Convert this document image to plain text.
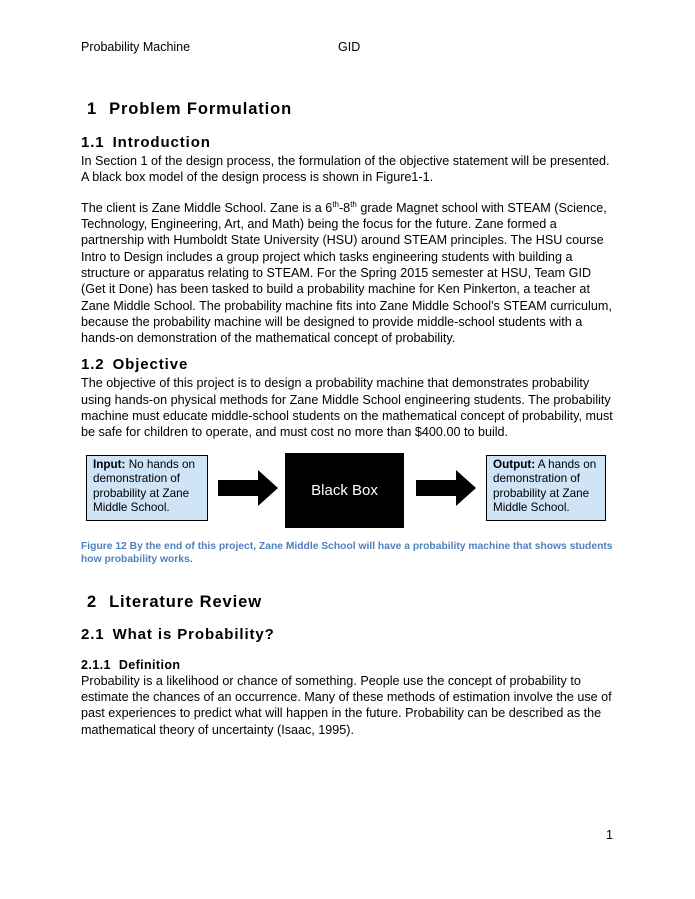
Probability Machine	GID
1 Problem Formulation
1.1 Introduction

In Section 1 of the design process, the formulation of the objective statement will be presented. A black box model of the design process is shown in Figure1-1.

The client is Zane Middle School. Zane is a 6th-8th grade Magnet school with STEAM (Science, Technology, Engineering, Art, and Math) being the focus for the future. Zane formed a partnership with Humboldt State University (HSU) around STEAM principles. The HSU course Intro to Design includes a group project which tasks engineering students with building a structure or apparatus relating to STEAM. For the Spring 2015 semester at HSU, Team GID (Get it Done) has been tasked to build a probability machine for Ken Pinkerton, a teacher at Zane Middle School. The probability machine fits into Zane Middle School’s STEAM curriculum, because the probability machine will be designed to provide middle-school students with a hands-on demonstration of the mathematical concept of probability.

1.2 Objective

The objective of this project is to design a probability machine that demonstrates probability using hands-on physical methods for Zane Middle School engineering students. The probability machine must educate middle-school students on the mathematical concept of probability, must be safe for children to operate, and must cost no more than $400.00 to build.

Input: No hands on demonstration of probability at Zane Middle School.
Black Box
Output: A hands on demonstration of probability at Zane Middle School.
Figure 12 By the end of this project, Zane Middle School will have a probability machine that shows students how probability works.
2 Literature Review
2.1 What is Probability?
2.1.1 Definition

Probability is a likelihood or chance of something. People use the concept of probability to estimate the chances of an occurrence. Many of these methods of estimation involve the use of past experiences to predict what will happen in the future. Probability can be described as the mathematical theory of uncertainty (Isaac, 1995).

1
